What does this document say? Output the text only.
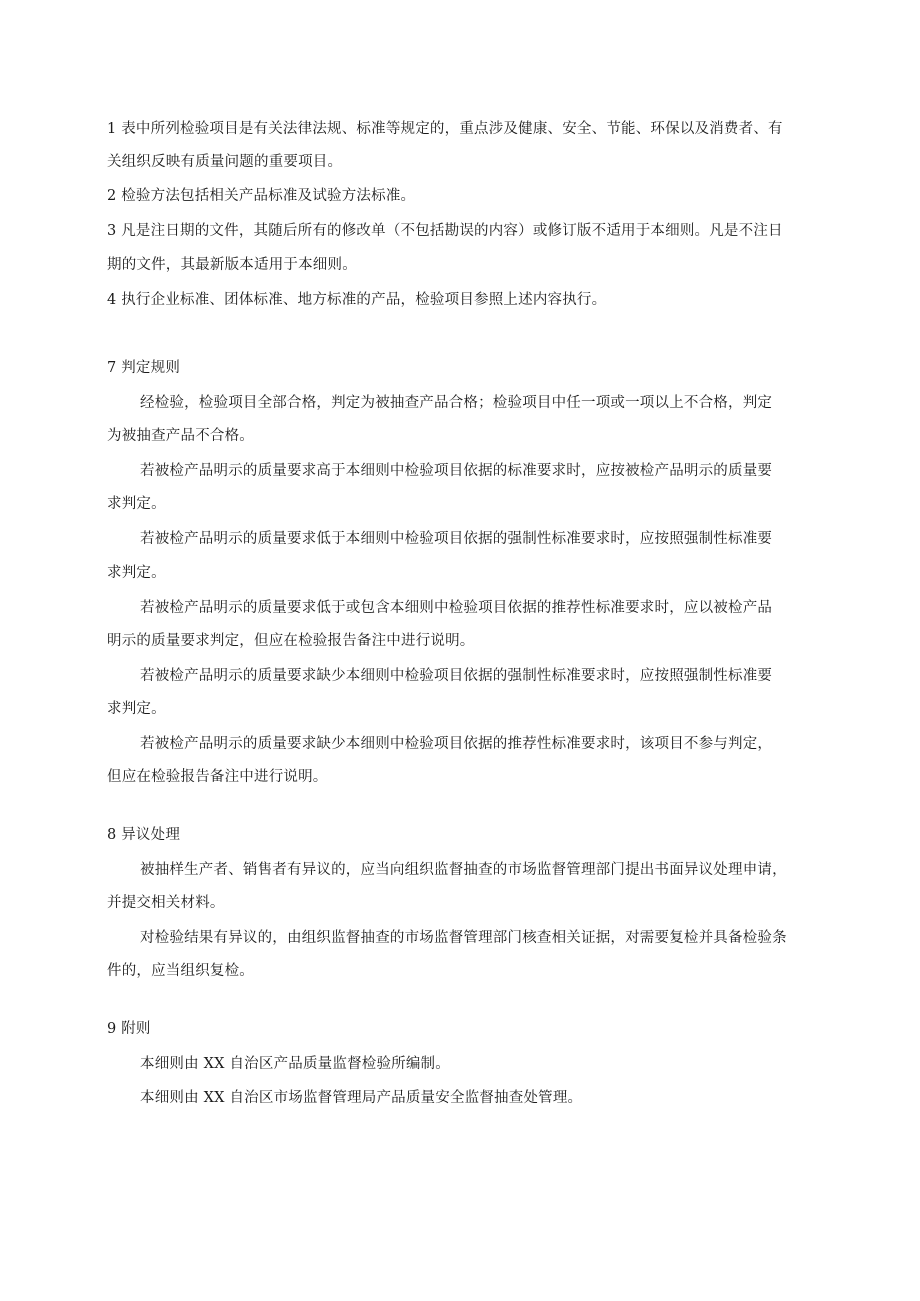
1 表中所列检验项目是有关法律法规、标准等规定的，重点涉及健康、安全、节能、环保以及消费者、有
关组织反映有质量问题的重要项目。
2 检验方法包括相关产品标准及试验方法标准。
3 凡是注日期的文件，其随后所有的修改单（不包括勘误的内容）或修订版不适用于本细则。凡是不注日
期的文件，其最新版本适用于本细则。
4 执行企业标准、团体标准、地方标准的产品，检验项目参照上述内容执行。
7 判定规则
经检验，检验项目全部合格，判定为被抽查产品合格；检验项目中任一项或一项以上不合格，判定
为被抽查产品不合格。
若被检产品明示的质量要求高于本细则中检验项目依据的标准要求时，应按被检产品明示的质量要
求判定。
若被检产品明示的质量要求低于本细则中检验项目依据的强制性标准要求时，应按照强制性标准要
求判定。
若被检产品明示的质量要求低于或包含本细则中检验项目依据的推荐性标准要求时，应以被检产品
明示的质量要求判定，但应在检验报告备注中进行说明。
若被检产品明示的质量要求缺少本细则中检验项目依据的强制性标准要求时，应按照强制性标准要
求判定。
若被检产品明示的质量要求缺少本细则中检验项目依据的推荐性标准要求时，该项目不参与判定，
但应在检验报告备注中进行说明。
8 异议处理
被抽样生产者、销售者有异议的，应当向组织监督抽查的市场监督管理部门提出书面异议处理申请，
并提交相关材料。
对检验结果有异议的，由组织监督抽查的市场监督管理部门核查相关证据，对需要复检并具备检验条
件的，应当组织复检。
9 附则
本细则由 XX 自治区产品质量监督检验所编制。
本细则由 XX 自治区市场监督管理局产品质量安全监督抽查处管理。
